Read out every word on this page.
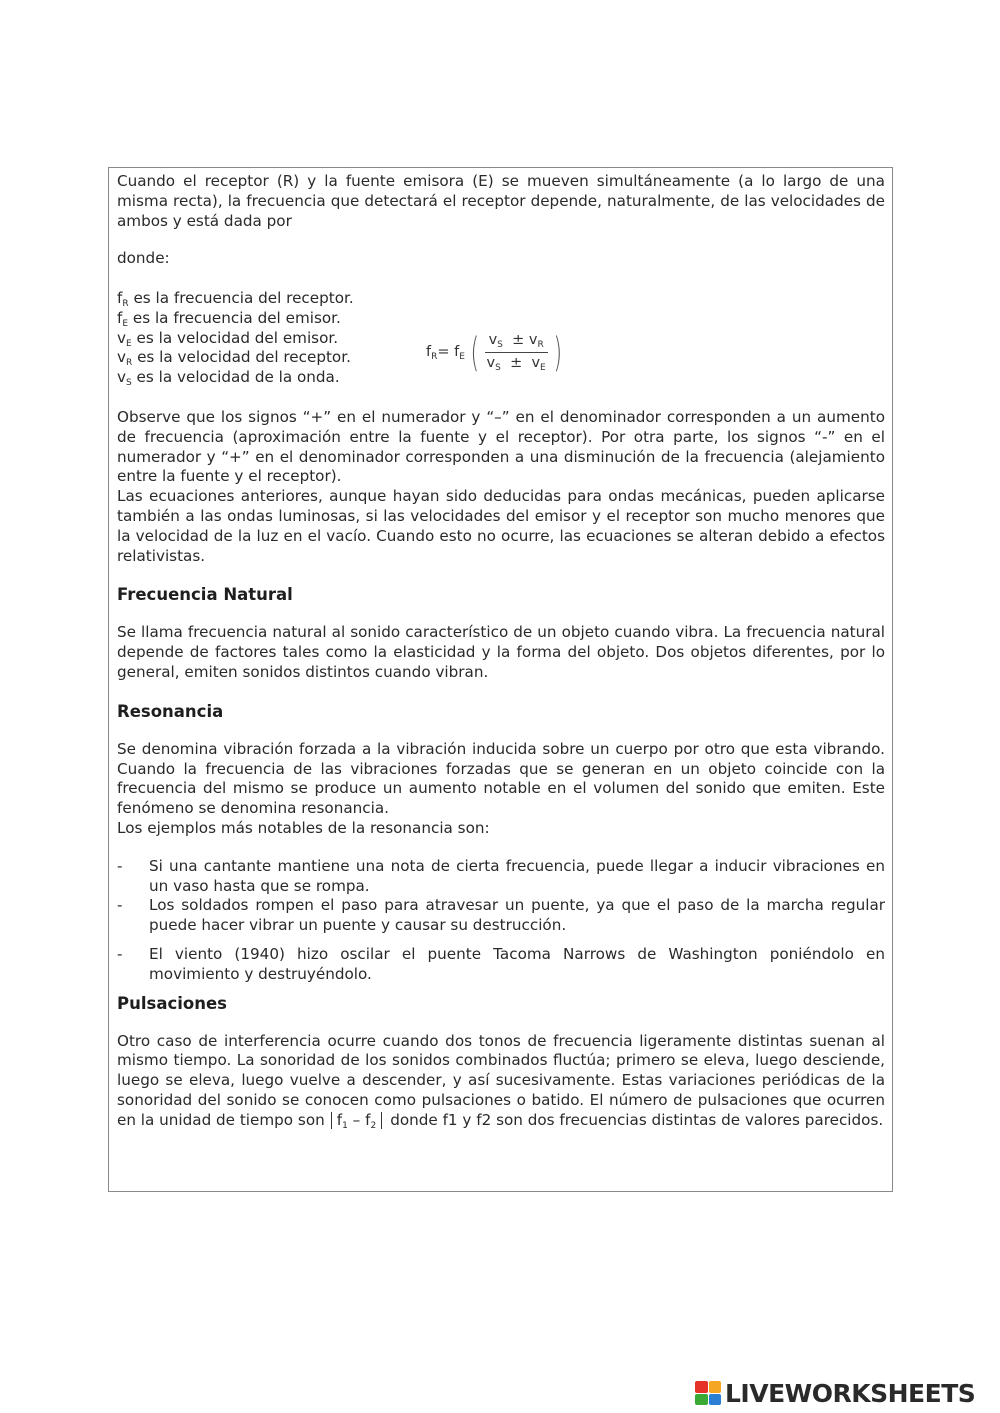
Cuando el receptor (R) y la fuente emisora (E) se mueven simultáneamente (a lo largo de una misma recta), la frecuencia que detectará el receptor depende, naturalmente, de las velocidades de ambos y está dada por

donde:

$f_R$ es la frecuencia del receptor.
$f_E$ es la frecuencia del emisor.
$v_E$ es la velocidad del emisor.
$v_R$ es la velocidad del receptor.
$v_S$ es la velocidad de la onda.
$f_R= f_E$ ( $\frac{v_S \pm v_R}{v_S \pm v_E}$ )

Observe que los signos “+” en el numerador y “–” en el denominador corresponden a un aumento de frecuencia (aproximación entre la fuente y el receptor). Por otra parte, los signos “-” en el numerador y “+” en el denominador corresponden a una disminución de la frecuencia (alejamiento entre la fuente y el receptor).

Las ecuaciones anteriores, aunque hayan sido deducidas para ondas mecánicas, pueden aplicarse también a las ondas luminosas, si las velocidades del emisor y el receptor son mucho menores que la velocidad de la luz en el vacío. Cuando esto no ocurre, las ecuaciones se alteran debido a efectos relativistas.

Frecuencia Natural

Se llama frecuencia natural al sonido característico de un objeto cuando vibra. La frecuencia natural depende de factores tales como la elasticidad y la forma del objeto. Dos objetos diferentes, por lo general, emiten sonidos distintos cuando vibran.

Resonancia

Se denomina vibración forzada a la vibración inducida sobre un cuerpo por otro que esta vibrando. Cuando la frecuencia de las vibraciones forzadas que se generan en un objeto coincide con la frecuencia del mismo se produce un aumento notable en el volumen del sonido que emiten. Este fenómeno se denomina resonancia.

Los ejemplos más notables de la resonancia son:

- Si una cantante mantiene una nota de cierta frecuencia, puede llegar a inducir vibraciones en un vaso hasta que se rompa.
- Los soldados rompen el paso para atravesar un puente, ya que el paso de la marcha regular puede hacer vibrar un puente y causar su destrucción.
- El viento (1940) hizo oscilar el puente Tacoma Narrows de Washington poniéndolo en movimiento y destruyéndolo.
Pulsaciones

Otro caso de interferencia ocurre cuando dos tonos de frecuencia ligeramente distintas suenan al mismo tiempo. La sonoridad de los sonidos combinados fluctúa; primero se eleva, luego desciende, luego se eleva, luego vuelve a descender, y así sucesivamente. Estas variaciones periódicas de la sonoridad del sonido se conocen como pulsaciones o batido. El número de pulsaciones que ocurren en la unidad de tiempo son $f_1 - f_2$ donde f1 y f2 son dos frecuencias distintas de valores parecidos.

LIVEWORKSHEETS
